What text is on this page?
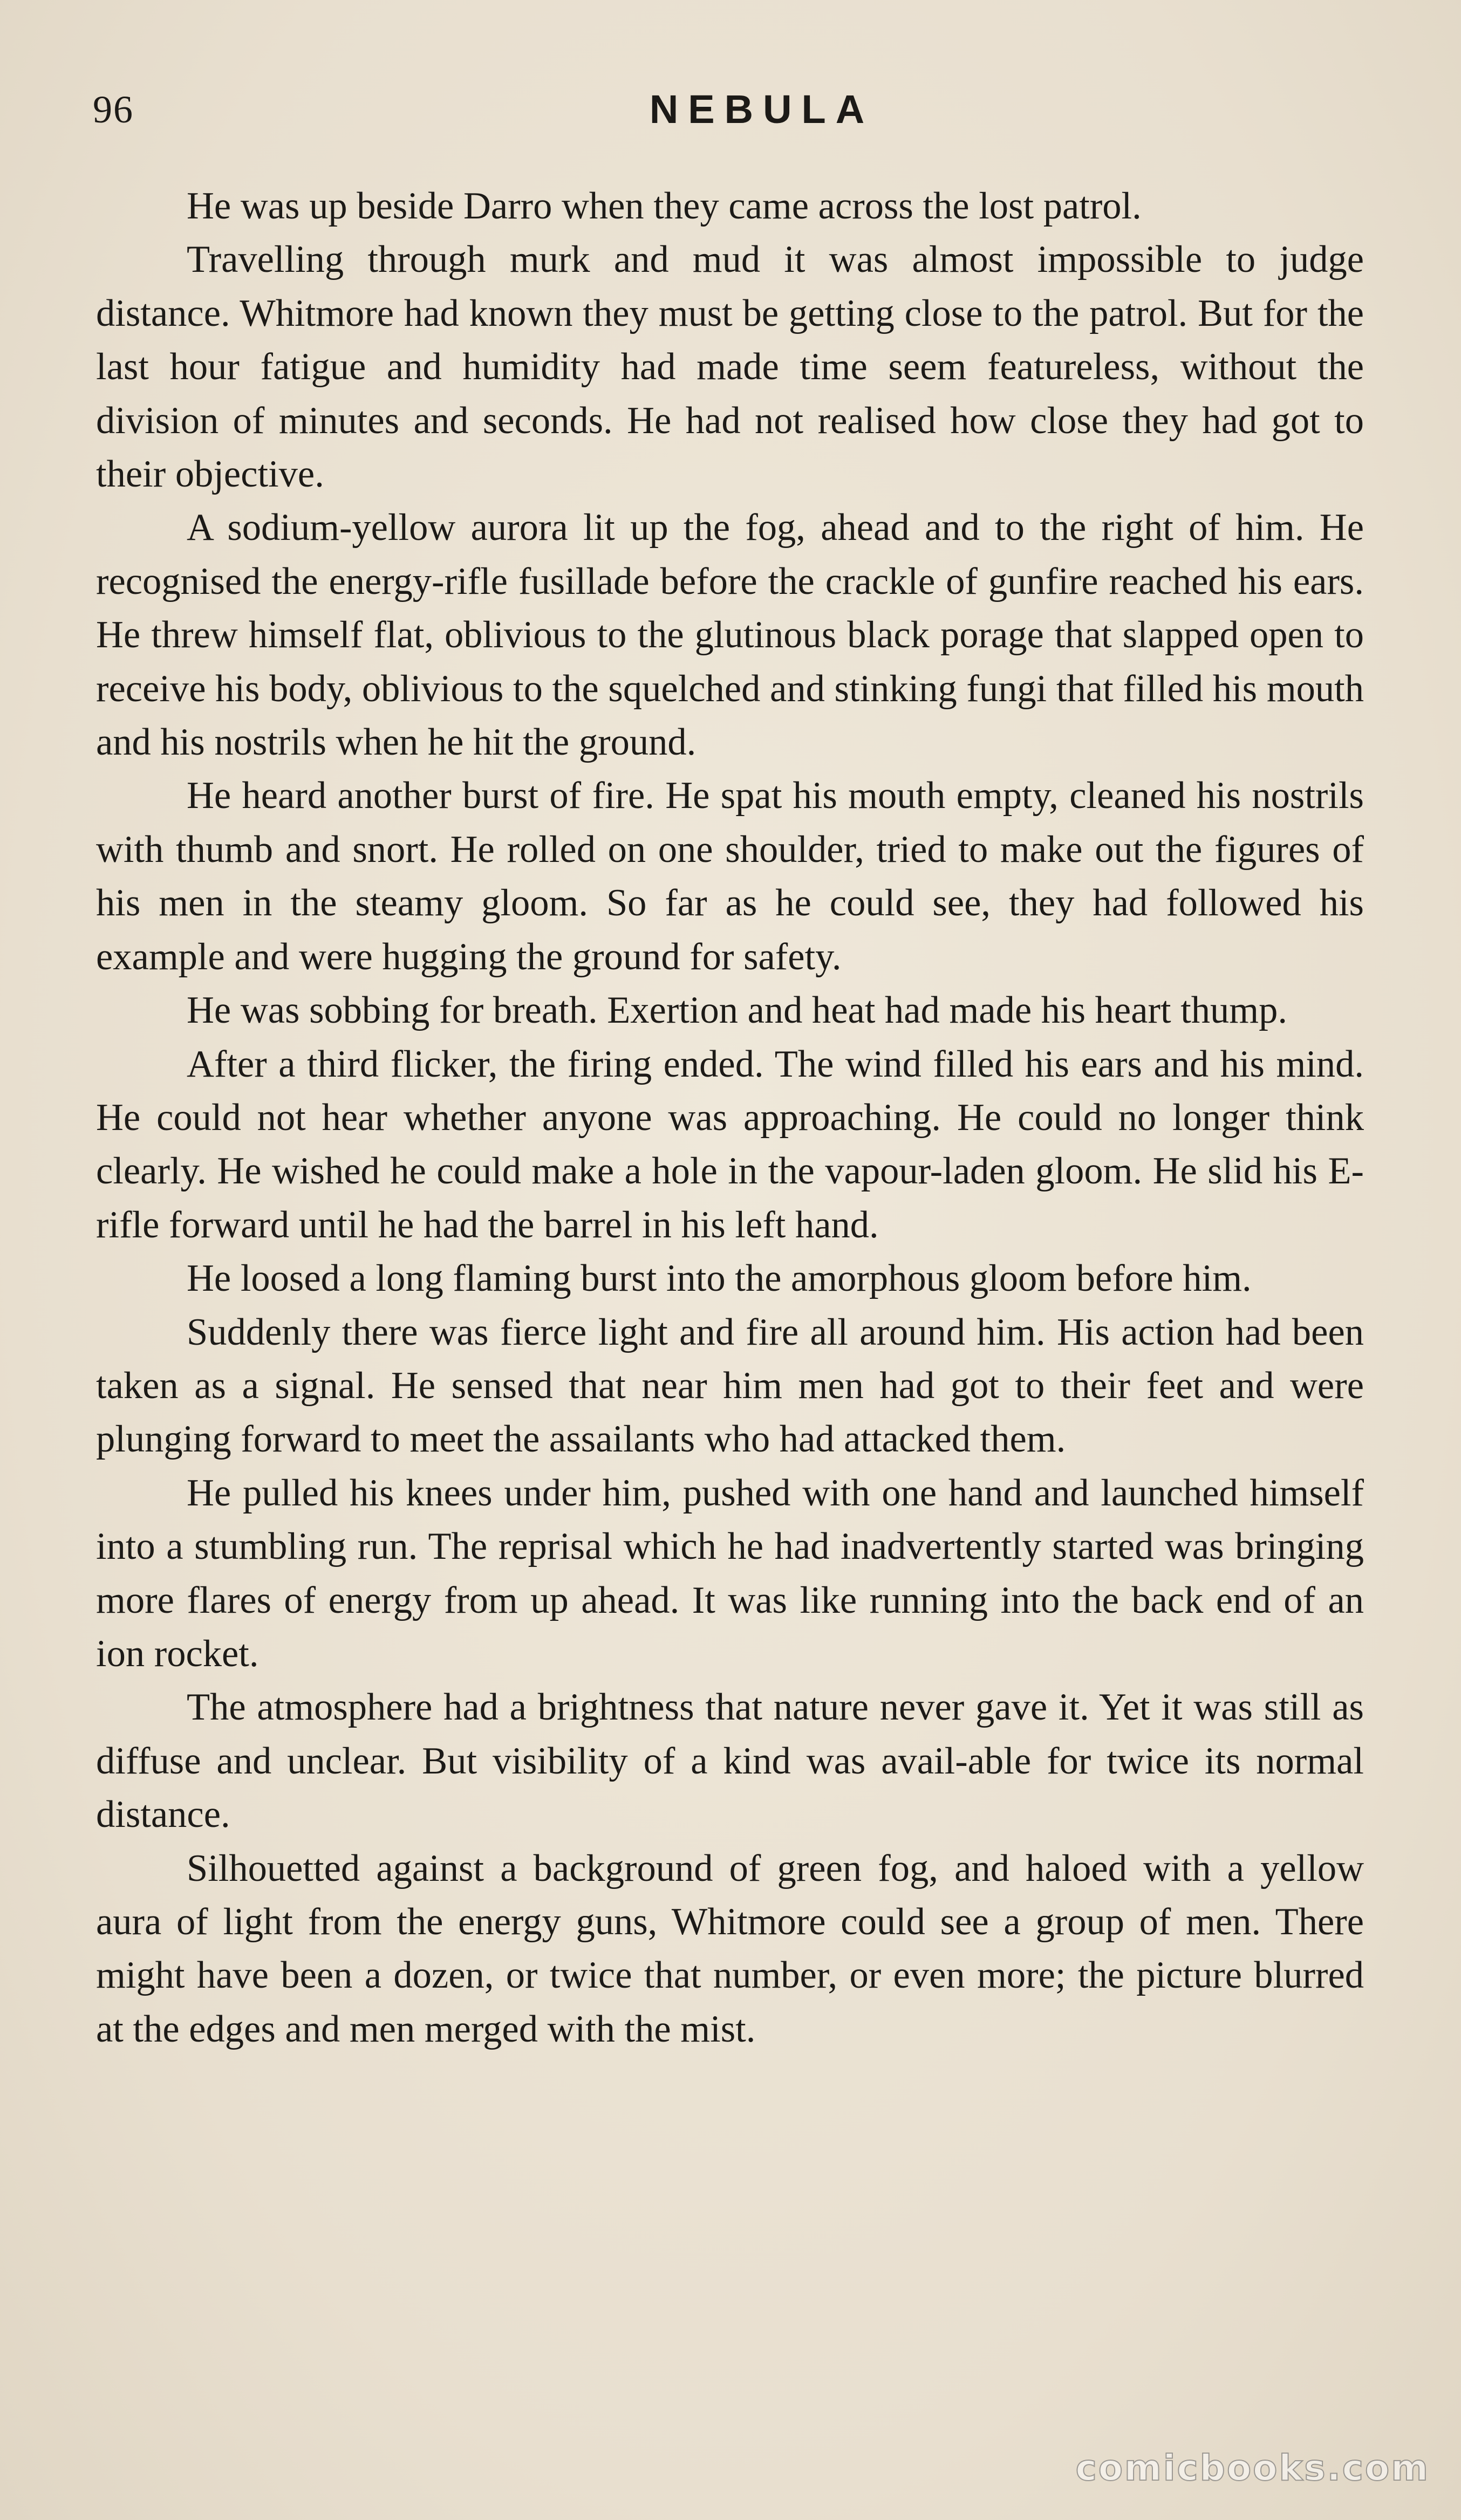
96	NEBULA

He was up beside Darro when they came across the lost patrol.

Travelling through murk and mud it was almost impossible to judge distance. Whitmore had known they must be getting close to the patrol. But for the last hour fatigue and humidity had made time seem featureless, without the division of minutes and seconds. He had not realised how close they had got to their objective.

A sodium-yellow aurora lit up the fog, ahead and to the right of him. He recognised the energy-rifle fusillade before the crackle of gunfire reached his ears. He threw himself flat, oblivious to the glutinous black porage that slapped open to receive his body, oblivious to the squelched and stinking fungi that filled his mouth and his nostrils when he hit the ground.

He heard another burst of fire. He spat his mouth empty, cleaned his nostrils with thumb and snort. He rolled on one shoulder, tried to make out the figures of his men in the steamy gloom. So far as he could see, they had followed his example and were hugging the ground for safety.

He was sobbing for breath. Exertion and heat had made his heart thump.

After a third flicker, the firing ended. The wind filled his ears and his mind. He could not hear whether anyone was approaching. He could no longer think clearly. He wished he could make a hole in the vapour-laden gloom. He slid his E-rifle forward until he had the barrel in his left hand.

He loosed a long flaming burst into the amorphous gloom before him.

Suddenly there was fierce light and fire all around him. His action had been taken as a signal. He sensed that near him men had got to their feet and were plunging forward to meet the assailants who had attacked them.

He pulled his knees under him, pushed with one hand and launched himself into a stumbling run. The reprisal which he had inadvertently started was bringing more flares of energy from up ahead. It was like running into the back end of an ion rocket.

The atmosphere had a brightness that nature never gave it. Yet it was still as diffuse and unclear. But visibility of a kind was avail-able for twice its normal distance.

Silhouetted against a background of green fog, and haloed with a yellow aura of light from the energy guns, Whitmore could see a group of men. There might have been a dozen, or twice that number, or even more; the picture blurred at the edges and men merged with the mist.

comicbooks.com
